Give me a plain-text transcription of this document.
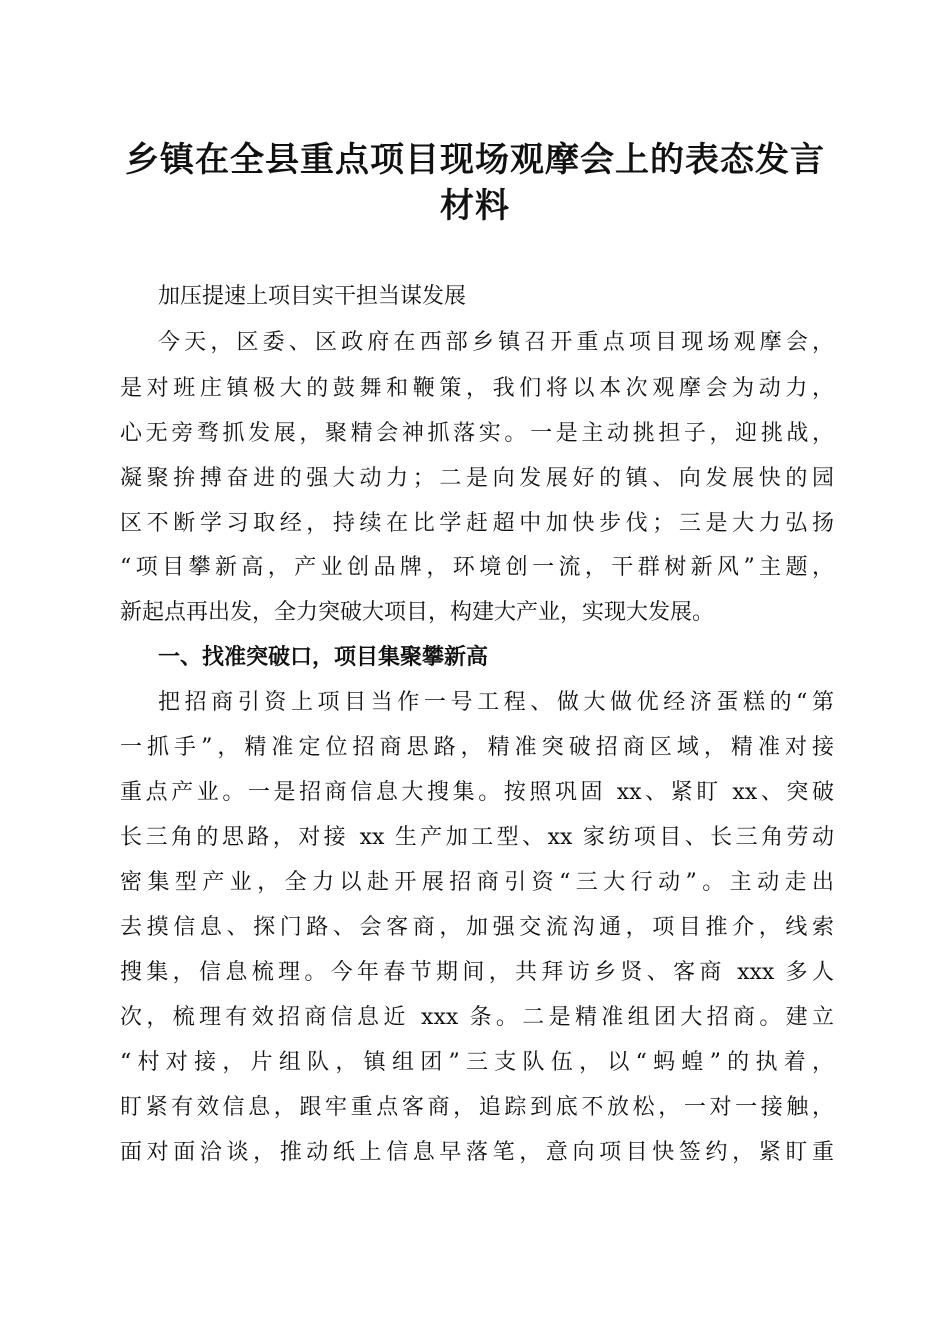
乡镇在全县重点项目现场观摩会上的表态发言
材料
加压提速上项目实干担当谋发展
今天，区委、区政府在西部乡镇召开重点项目现场观摩会，
是对班庄镇极大的鼓舞和鞭策，我们将以本次观摩会为动力，
心无旁骛抓发展，聚精会神抓落实。一是主动挑担子，迎挑战，
凝聚拚搏奋进的强大动力；二是向发展好的镇、向发展快的园
区不断学习取经，持续在比学赶超中加快步伐；三是大力弘扬
“项目攀新高，产业创品牌，环境创一流，干群树新风”主题，
新起点再出发，全力突破大项目，构建大产业，实现大发展。
一、找准突破口，项目集聚攀新高
把招商引资上项目当作一号工程、做大做优经济蛋糕的“第
一抓手”，精准定位招商思路，精准突破招商区域，精准对接
重点产业。一是招商信息大搜集。按照巩固 xx、紧盯 xx、突破
长三角的思路，对接 xx 生产加工型、xx 家纺项目、长三角劳动
密集型产业，全力以赴开展招商引资“三大行动”。主动走出
去摸信息、探门路、会客商，加强交流沟通，项目推介，线索
搜集，信息梳理。今年春节期间，共拜访乡贤、客商 xxx 多人
次，梳理有效招商信息近 xxx 条。二是精准组团大招商。建立
“村对接，片组队，镇组团”三支队伍，以“蚂蝗”的执着，
盯紧有效信息，跟牢重点客商，追踪到底不放松，一对一接触，
面对面洽谈，推动纸上信息早落笔，意向项目快签约，紧盯重
